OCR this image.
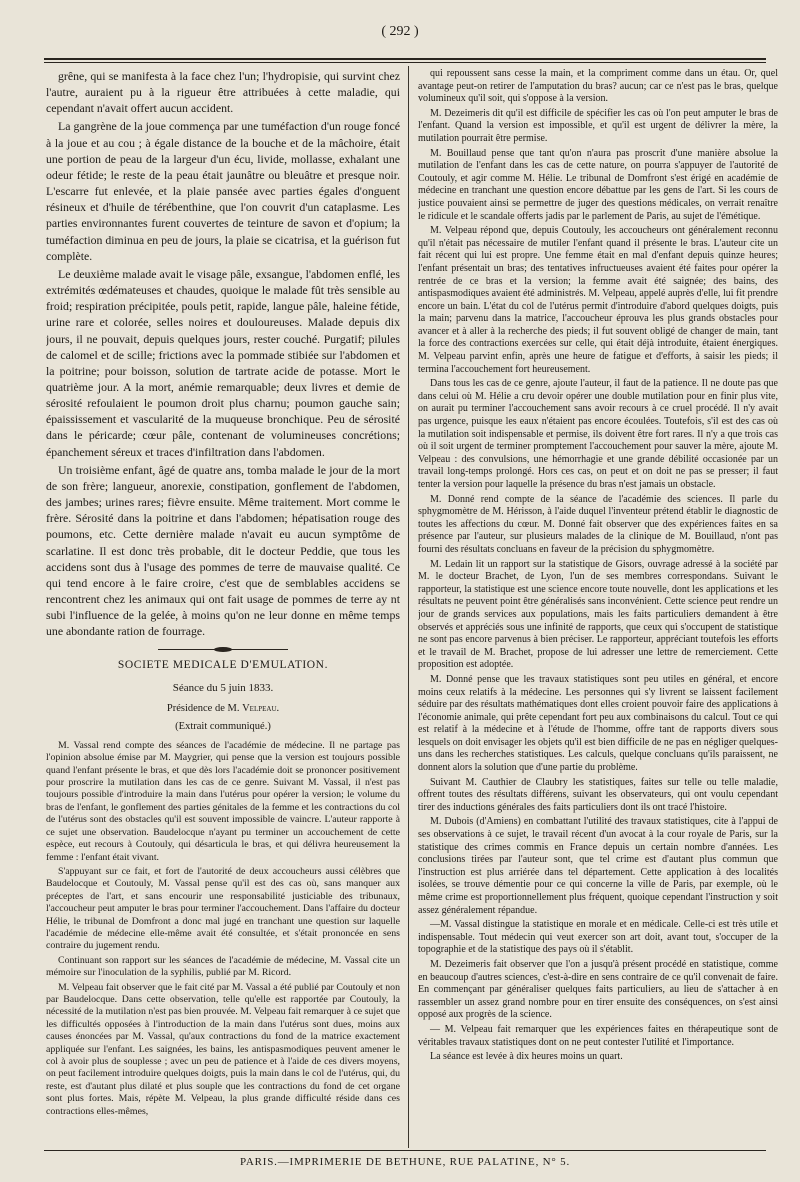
( 292 )

grêne, qui se manifesta à la face chez l'un; l'hydropisie, qui survint chez l'autre, auraient pu à la rigueur être attribuées à cette maladie, qui cependant n'avait offert aucun accident.

La gangrène de la joue commença par une tuméfaction d'un rouge foncé à la joue et au cou ; à égale distance de la bouche et de la mâchoire, était une portion de peau de la largeur d'un écu, livide, mollasse, exhalant une odeur fétide; le reste de la peau était jaunâtre ou bleuâtre et presque noir. L'escarre fut enlevée, et la plaie pansée avec parties égales d'onguent résineux et d'huile de térébenthine, que l'on couvrit d'un cataplasme. Les parties environnantes furent couvertes de teinture de savon et d'opium; la tuméfaction diminua en peu de jours, la plaie se cicatrisa, et la guérison fut complète.

Le deuxième malade avait le visage pâle, exsangue, l'abdomen enflé, les extrémités œdémateuses et chaudes, quoique le malade fût très sensible au froid; respiration précipitée, pouls petit, rapide, langue pâle, haleine fétide, urine rare et colorée, selles noires et douloureuses. Malade depuis dix jours, il ne pouvait, depuis quelques jours, rester couché. Purgatif; pilules de calomel et de scille; frictions avec la pommade stibiée sur l'abdomen et la poitrine; pour boisson, solution de tartrate acide de potasse. Mort le quatrième jour. A la mort, anémie remarquable; deux livres et demie de sérosité refoulaient le poumon droit plus charnu; poumon gauche sain; épaississement et vascularité de la muqueuse bronchique. Peu de sérosité dans le péricarde; cœur pâle, contenant de volumineuses concrétions; épanchement séreux et traces d'infiltration dans l'abdomen.

Un troisième enfant, âgé de quatre ans, tomba malade le jour de la mort de son frère; langueur, anorexie, constipation, gonflement de l'abdomen, des jambes; urines rares; fièvre ensuite. Même traitement. Mort comme le frère. Sérosité dans la poitrine et dans l'abdomen; hépatisation rouge des poumons, etc. Cette dernière malade n'avait eu aucun symptôme de scarlatine. Il est donc très probable, dit le docteur Peddie, que tous les accidens sont dus à l'usage des pommes de terre de mauvaise qualité. Ce qui tend encore à le faire croire, c'est que de semblables accidens se rencontrent chez les animaux qui ont fait usage de pommes de terre ay nt subi l'influence de la gelée, à moins qu'on ne leur donne en même temps une abondante ration de fourrage.

SOCIETE MEDICALE D'EMULATION.
Séance du 5 juin 1833.
Présidence de M. Velpeau.
(Extrait communiqué.)

M. Vassal rend compte des séances de l'académie de médecine. Il ne partage pas l'opinion absolue émise par M. Maygrier, qui pense que la version est toujours possible quand l'enfant présente le bras, et que dès lors l'académie doit se prononcer positivement pour proscrire la mutilation dans les cas de ce genre. Suivant M. Vassal, il n'est pas toujours possible d'introduire la main dans l'utérus pour opérer la version; le volume du bras de l'enfant, le gonflement des parties génitales de la femme et les contractions du col de l'utérus sont des obstacles qu'il est souvent impossible de vaincre. L'auteur rapporte à ce sujet une observation. Baudelocque n'ayant pu terminer un accouchement de cette espèce, eut recours à Coutouly, qui désarticula le bras, et qui délivra heureusement la femme : l'enfant était vivant.

S'appuyant sur ce fait, et fort de l'autorité de deux accoucheurs aussi célèbres que Baudelocque et Coutouly, M. Vassal pense qu'il est des cas où, sans manquer aux préceptes de l'art, et sans encourir une responsabilité justiciable des tribunaux, l'accoucheur peut amputer le bras pour terminer l'accouchement. Dans l'affaire du docteur Hélie, le tribunal de Domfront a donc mal jugé en tranchant une question sur laquelle l'académie de médecine elle-même avait été consultée, et s'était prononcée en sens contraire du jugement rendu.

Continuant son rapport sur les séances de l'académie de médecine, M. Vassal cite un mémoire sur l'inoculation de la syphilis, publié par M. Ricord.

M. Velpeau fait observer que le fait cité par M. Vassal a été publié par Coutouly et non par Baudelocque. Dans cette observation, telle qu'elle est rapportée par Coutouly, la nécessité de la mutilation n'est pas bien prouvée. M. Velpeau fait remarquer à ce sujet que les difficultés opposées à l'introduction de la main dans l'utérus sont dues, moins aux causes énoncées par M. Vassal, qu'aux contractions du fond de la matrice exactement appliquée sur l'enfant. Les saignées, les bains, les antispasmodiques peuvent amener le col à avoir plus de souplesse ; avec un peu de patience et à l'aide de ces divers moyens, on peut facilement introduire quelques doigts, puis la main dans le col de l'utérus, qui, du reste, est d'autant plus dilaté et plus souple que les contractions du fond de cet organe sont plus fortes. Mais, répète M. Velpeau, la plus grande difficulté réside dans ces contractions elles-mêmes,

qui repoussent sans cesse la main, et la compriment comme dans un étau. Or, quel avantage peut-on retirer de l'amputation du bras? aucun; car ce n'est pas le bras, quelque volumineux qu'il soit, qui s'oppose à la version.

M. Dezeimeris dit qu'il est difficile de spécifier les cas où l'on peut amputer le bras de l'enfant. Quand la version est impossible, et qu'il est urgent de délivrer la mère, la mutilation pourrait être permise.

M. Bouillaud pense que tant qu'on n'aura pas proscrit d'une manière absolue la mutilation de l'enfant dans les cas de cette nature, on pourra s'appuyer de l'autorité de Coutouly, et agir comme M. Hélie. Le tribunal de Domfront s'est érigé en académie de médecine en tranchant une question encore débattue par les gens de l'art. Si les cours de justice pouvaient ainsi se permettre de juger des questions médicales, on verrait renaître le ridicule et le scandale offerts jadis par le parlement de Paris, au sujet de l'émétique.

M. Velpeau répond que, depuis Coutouly, les accoucheurs ont généralement reconnu qu'il n'était pas nécessaire de mutiler l'enfant quand il présente le bras. L'auteur cite un fait récent qui lui est propre. Une femme était en mal d'enfant depuis quinze heures; l'enfant présentait un bras; des tentatives infructueuses avaient été faites pour opérer la rentrée de ce bras et la version; la femme avait été saignée; des bains, des antispasmodiques avaient été administrés. M. Velpeau, appelé auprès d'elle, lui fit prendre encore un bain. L'état du col de l'utérus permit d'introduire d'abord quelques doigts, puis la main; parvenu dans la matrice, l'accoucheur éprouva les plus grands obstacles pour avancer et à aller à la recherche des pieds; il fut souvent obligé de changer de main, tant la force des contractions exercées sur celle, qui était déjà introduite, étaient énergiques. M. Velpeau parvint enfin, après une heure de fatigue et d'efforts, à saisir les pieds; il termina l'accouchement fort heureusement.

Dans tous les cas de ce genre, ajoute l'auteur, il faut de la patience. Il ne doute pas que dans celui où M. Hélie a cru devoir opérer une double mutilation pour en finir plus vite, on aurait pu terminer l'accouchement sans avoir recours à ce cruel procédé. Il n'y avait pas urgence, puisque les eaux n'étaient pas encore écoulées. Toutefois, s'il est des cas où la mutilation soit indispensable et permise, ils doivent être fort rares. Il n'y a que trois cas où il soit urgent de terminer promptement l'accouchement pour sauver la mère, ajoute M. Velpeau : des convulsions, une hémorrhagie et une grande débilité occasionée par un travail long-temps prolongé. Hors ces cas, on peut et on doit ne pas se presser; il faut tenter la version pour laquelle la présence du bras n'est jamais un obstacle.

M. Donné rend compte de la séance de l'académie des sciences. Il parle du sphygmomètre de M. Hérisson, à l'aide duquel l'inventeur prétend établir le diagnostic de toutes les affections du cœur. M. Donné fait observer que des expériences faites en sa présence par l'auteur, sur plusieurs malades de la clinique de M. Bouillaud, n'ont pas fourni des résultats concluans en faveur de la précision du sphygmomètre.

M. Ledain lit un rapport sur la statistique de Gisors, ouvrage adressé à la société par M. le docteur Brachet, de Lyon, l'un de ses membres correspondans. Suivant le rapporteur, la statistique est une science encore toute nouvelle, dont les applications et les résultats ne peuvent point être généralisés sans inconvénient. Cette science peut rendre un jour de grands services aux populations, mais les faits particuliers demandent à être observés et appréciés sous une infinité de rapports, que ceux qui s'occupent de statistique ne sont pas encore parvenus à bien préciser. Le rapporteur, appréciant toutefois les efforts et le travail de M. Brachet, propose de lui adresser une lettre de remerciement. Cette proposition est adoptée.

M. Donné pense que les travaux statistiques sont peu utiles en général, et encore moins ceux relatifs à la médecine. Les personnes qui s'y livrent se laissent facilement séduire par des résultats mathématiques dont elles croient pouvoir faire des applications à l'économie animale, qui prête cependant fort peu aux combinaisons du calcul. Tout ce qui est relatif à la médecine et à l'étude de l'homme, offre tant de rapports divers sous lesquels on doit envisager les objets qu'il est bien difficile de ne pas en négliger quelques-uns dans les recherches statistiques. Les calculs, quelque concluans qu'ils paraissent, ne donnent alors la solution que d'une partie du problème.

Suivant M. Cauthier de Claubry les statistiques, faites sur telle ou telle maladie, offrent toutes des résultats différens, suivant les observateurs, qui ont voulu cependant tirer des inductions générales des faits particuliers dont ils ont tracé l'histoire.

M. Dubois (d'Amiens) en combattant l'utilité des travaux statistiques, cite à l'appui de ses observations à ce sujet, le travail récent d'un avocat à la cour royale de Paris, sur la statistique des crimes commis en France depuis un certain nombre d'années. Les conclusions tirées par l'auteur sont, que tel crime est d'autant plus commun que l'instruction est plus arriérée dans tel département. Cette application à des localités isolées, se trouve démentie pour ce qui concerne la ville de Paris, par exemple, où le même crime est proportionnellement plus fréquent, quoique cependant l'instruction y soit assez généralement répandue.

—M. Vassal distingue la statistique en morale et en médicale. Celle-ci est très utile et indispensable. Tout médecin qui veut exercer son art doit, avant tout, s'occuper de la topographie et de la statistique des pays où il s'établit.

M. Dezeimeris fait observer que l'on a jusqu'à présent procédé en statistique, comme en beaucoup d'autres sciences, c'est-à-dire en sens contraire de ce qu'il convenait de faire. En commençant par généraliser quelques faits particuliers, au lieu de s'attacher à en rassembler un assez grand nombre pour en tirer ensuite des conséquences, on s'est ainsi opposé aux progrès de la science.

— M. Velpeau fait remarquer que les expériences faites en thérapeutique sont de véritables travaux statistiques dont on ne peut contester l'utilité et l'importance.

La séance est levée à dix heures moins un quart.

PARIS.—IMPRIMERIE DE BETHUNE, RUE PALATINE, N° 5.
